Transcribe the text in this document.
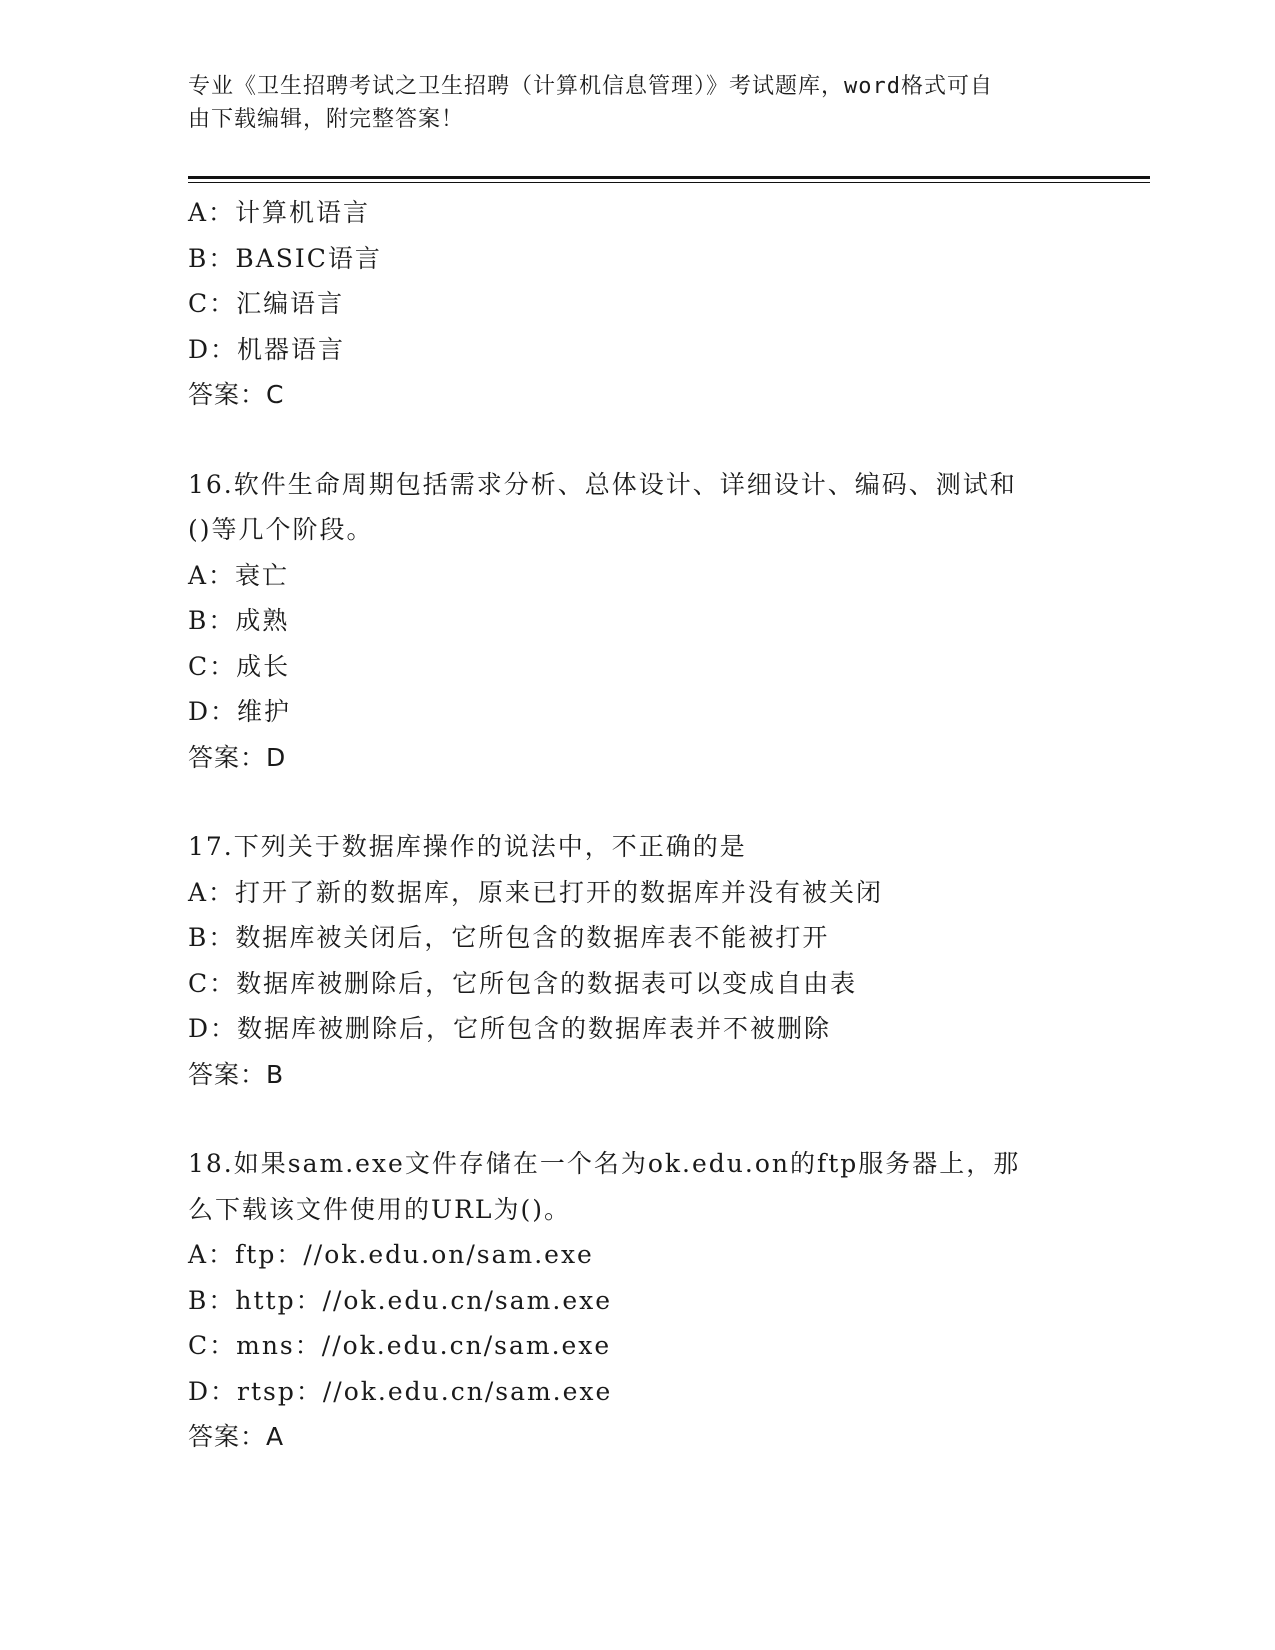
专业《卫生招聘考试之卫生招聘（计算机信息管理）》考试题库，word格式可自
由下载编辑，附完整答案！
A：计算机语言
B：BASIC语言
C：汇编语言
D：机器语言
答案：C
16.软件生命周期包括需求分析、总体设计、详细设计、编码、测试和
()等几个阶段。
A：衰亡
B：成熟
C：成长
D：维护
答案：D
17.下列关于数据库操作的说法中，不正确的是
A：打开了新的数据库，原来已打开的数据库并没有被关闭
B：数据库被关闭后，它所包含的数据库表不能被打开
C：数据库被删除后，它所包含的数据表可以变成自由表
D：数据库被删除后，它所包含的数据库表并不被删除
答案：B
18.如果sam.exe文件存储在一个名为ok.edu.on的ftp服务器上，那
么下载该文件使用的URL为()。
A：ftp：//ok.edu.on/sam.exe
B：http：//ok.edu.cn/sam.exe
C：mns：//ok.edu.cn/sam.exe
D：rtsp：//ok.edu.cn/sam.exe
答案：A
